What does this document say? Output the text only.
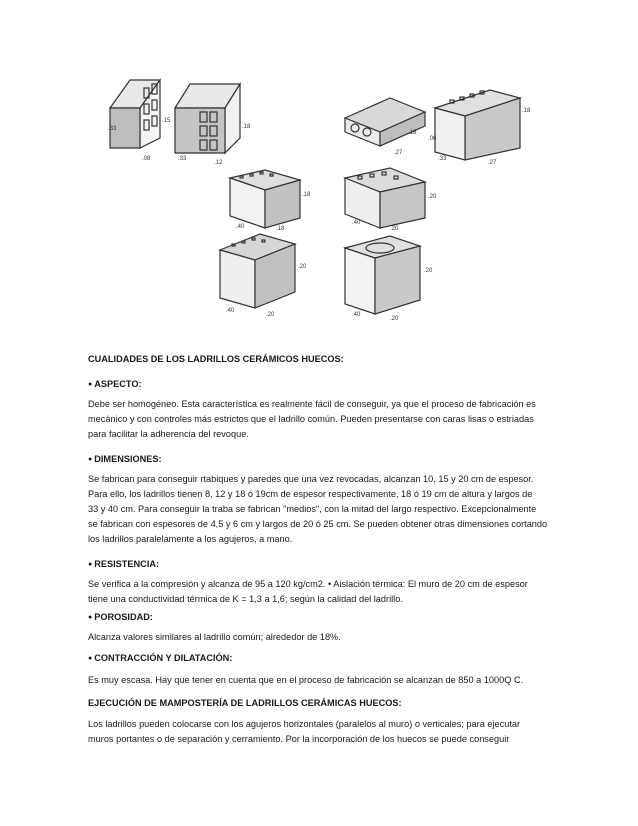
.33
.15
.08	.33
.12
.18
.18
.27
.06
.33
.27
.18
.40	.18
.18
.40
.20
.20
.40
.20
.20
.40
.20
.20
CUALIDADES DE LOS LADRILLOS CERÁMICOS HUECOS:
● ASPECTO:
Debe ser homogéneo. Esta característica es realmente fácil de conseguir, ya que el proceso de fabricación es
mecánico y con controles más estrictos que el ladrillo común. Pueden presentarse con caras lisas o estriadas
para facilitar la adherencia del revoque.
● DIMENSIONES:
Se fabrican para conseguir rtabiques y paredes que una vez revocadas, alcanzan 10, 15 y 20 cm de espesor.
Para ello, los ladrillos tienen 8, 12 y 18 ó 19cm de espesor respectivamente, 18 ó 19 cm de altura y largos de
33 y 40 cm. Para conseguir la traba se fabrican "medios", con la mitad del largo respectivo. Excepcionalmente
se fabrican con espesores de 4,5 y 6 cm y largos de 20 ó 25 cm. Se pueden obtener otras dimensiones cortando
los ladrillos paralelamente a los agujeros, a mano.
● RESISTENCIA:
Se verifica a la compresión y alcanza de 95 a 120 kg/cm2. • Aislación térmica: El muro de 20 cm de espesor
tiene una conductividad térmica de K = 1,3 a 1,6; según la calidad del ladrillo.
● POROSIDAD:
Alcanza valores similares al ladrillo común; alrededor de 18%.
● CONTRACCIÓN Y DILATACIÓN:
Es muy escasa. Hay que tener en cuenta que en el proceso de fabricación se alcanzan de 850 a 1000Q C.
EJECUCIÓN DE MAMPOSTERÍA DE LADRILLOS CERÁMICAS HUECOS:
Los ladrillos pueden colocarse con los agujeros horizontales (paralelos al muro) o verticales; para ejecutar
muros portantes o de separación y cerramiento. Por la incorporación de los huecos se puede conseguir
